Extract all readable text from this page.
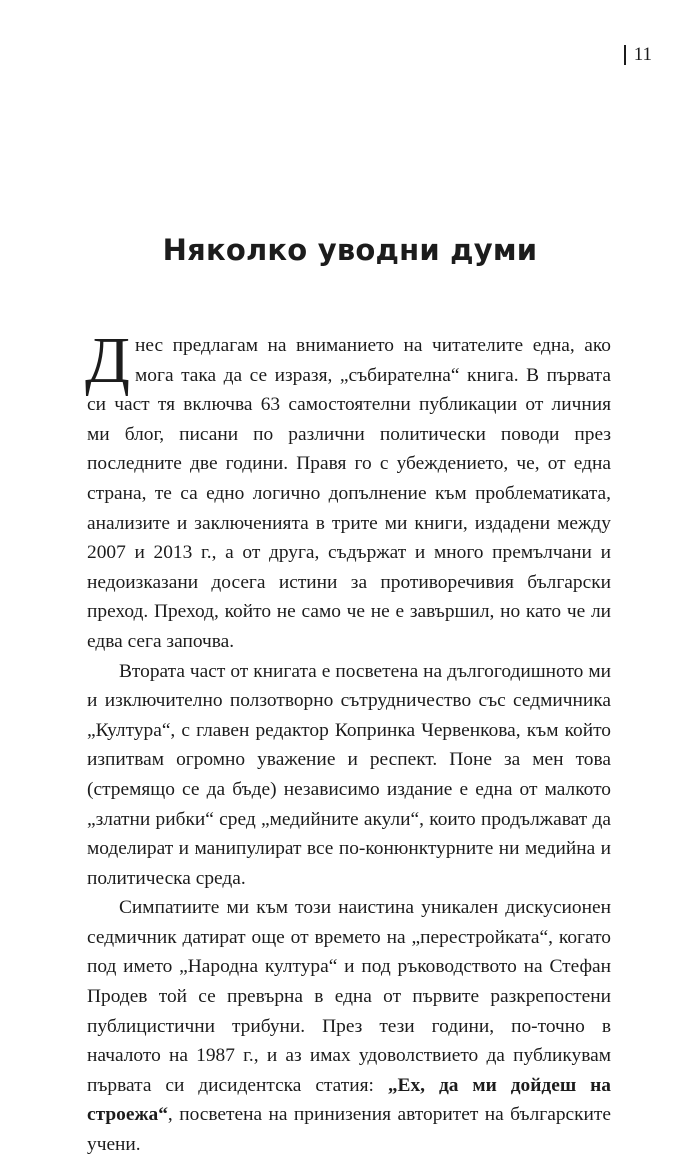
11
Няколко уводни думи

Днес предлагам на вниманието на читателите една, ако мога така да се изразя, „събирателна“ книга. В първата си част тя включва 63 самостоятелни публикации от личния ми блог, писани по различни политически поводи през последните две години. Правя го с убеждението, че, от една страна, те са едно логично допълнение към проблематиката, анализите и заключенията в трите ми книги, издадени между 2007 и 2013 г., а от друга, съдържат и много премълчани и недоизказани досега истини за противоречивия български преход. Преход, който не само че не е завършил, но като че ли едва сега започва.

Втората част от книгата е посветена на дългогодишното ми и изключително ползотворно сътрудничество със седмичника „Култура“, с главен редактор Копринка Червенкова, към който изпитвам огромно уважение и респект. Поне за мен това (стремящо се да бъде) независимо издание е една от малкото „златни рибки“ сред „медийните акули“, които продължават да моделират и манипулират все по-конюнктурните ни медийна и политическа среда.

Симпатиите ми към този наистина уникален дискусионен седмичник датират още от времето на „перестройката“, когато под името „Народна култура“ и под ръководството на Стефан Продев той се превърна в една от първите разкрепостени публицистични трибуни. През тези години, по-точно в началото на 1987 г., и аз имах удоволствието да публикувам първата си дисидентска статия: „Ех, да ми дойдеш на строежа“, посветена на принизения авторитет на българските учени.
